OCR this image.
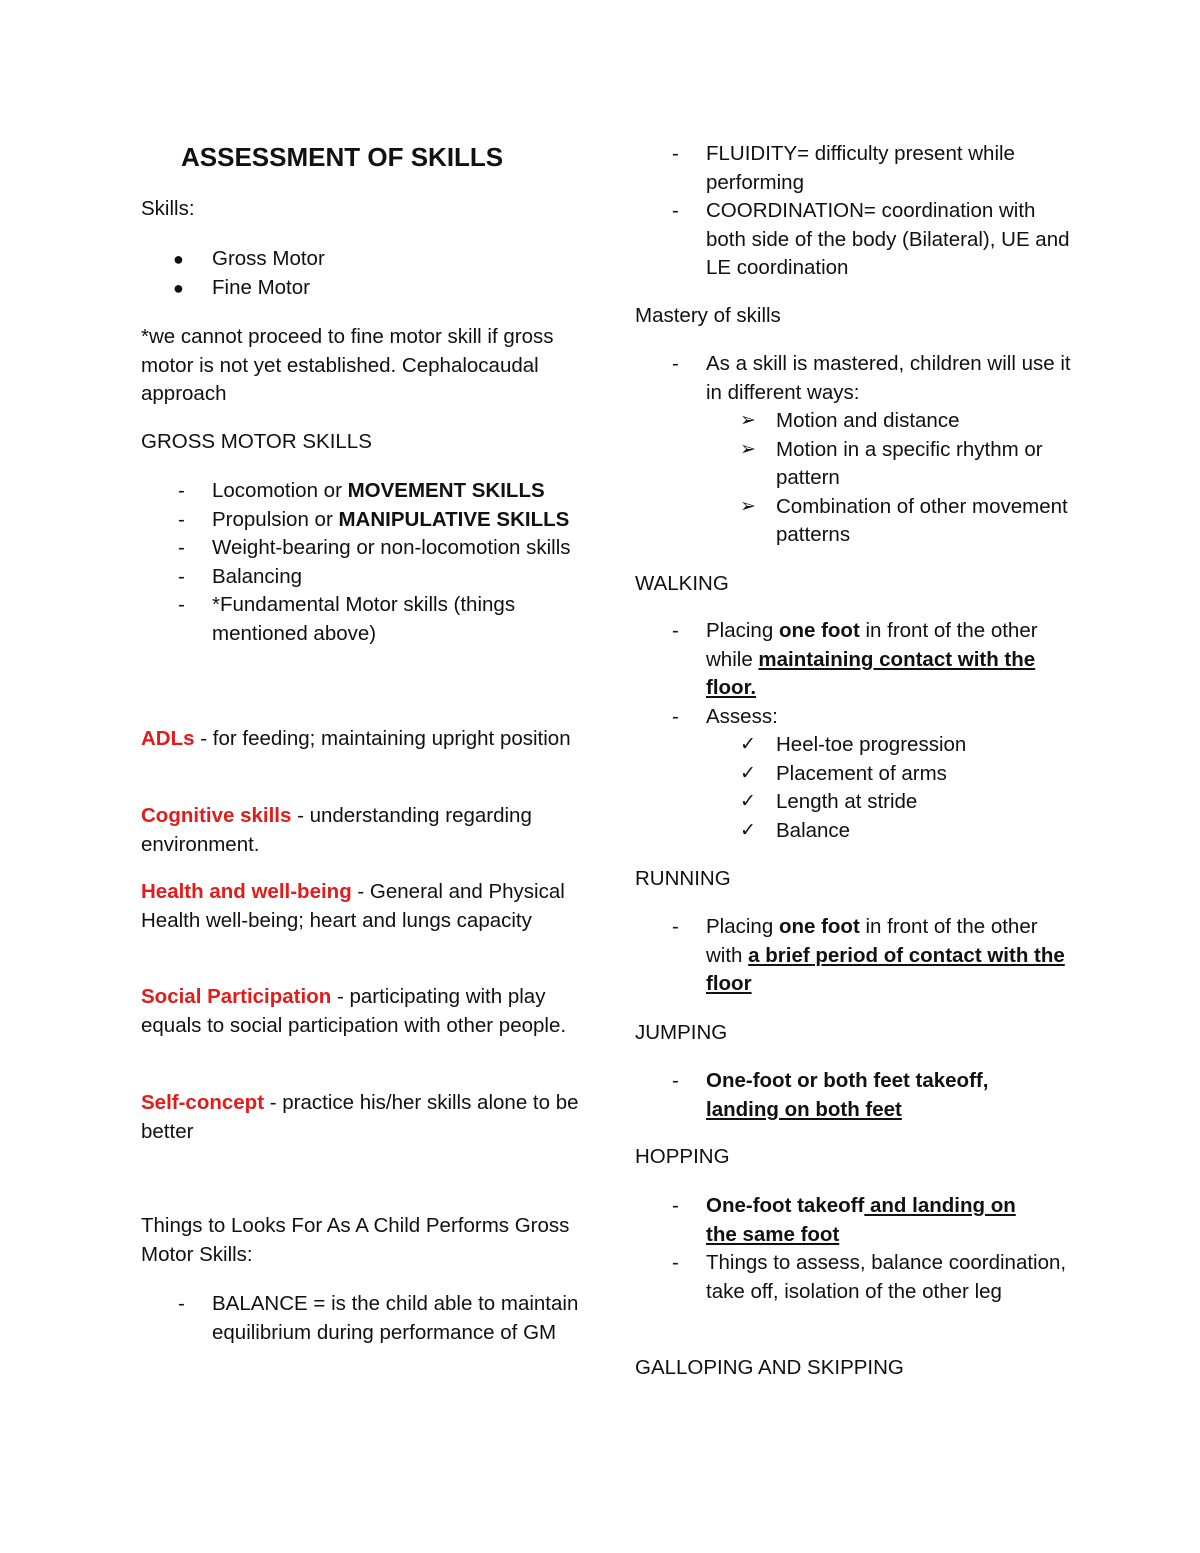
ASSESSMENT OF SKILLS
Skills:
● Gross Motor
● Fine Motor
*we cannot proceed to fine motor skill if gross motor is not yet established. Cephalocaudal approach
GROSS MOTOR SKILLS
- Locomotion or MOVEMENT SKILLS
- Propulsion or MANIPULATIVE SKILLS
- Weight-bearing or non-locomotion skills
- Balancing
- *Fundamental Motor skills (things mentioned above)
ADLs - for feeding; maintaining upright position
Cognitive skills - understanding regarding environment.
Health and well-being - General and Physical Health well-being; heart and lungs capacity
Social Participation - participating with play equals to social participation with other people.
Self-concept - practice his/her skills alone to be better
Things to Looks For As A Child Performs Gross Motor Skills:
- BALANCE = is the child able to maintain equilibrium during performance of GM
- FLUIDITY= difficulty present while performing
- COORDINATION= coordination with both side of the body (Bilateral), UE and LE coordination
Mastery of skills
- As a skill is mastered, children will use it in different ways:
➢ Motion and distance
➢ Motion in a specific rhythm or pattern
➢ Combination of other movement patterns
WALKING
- Placing one foot in front of the other while maintaining contact with the floor.
- Assess:
✓ Heel-toe progression
✓ Placement of arms
✓ Length at stride
✓ Balance
RUNNING
- Placing one foot in front of the other with a brief period of contact with the floor
JUMPING
- One-foot or both feet takeoff,
landing on both feet
HOPPING
- One-foot takeoff and landing on
the same foot
- Things to assess, balance coordination, take off, isolation of the other leg
GALLOPING AND SKIPPING
